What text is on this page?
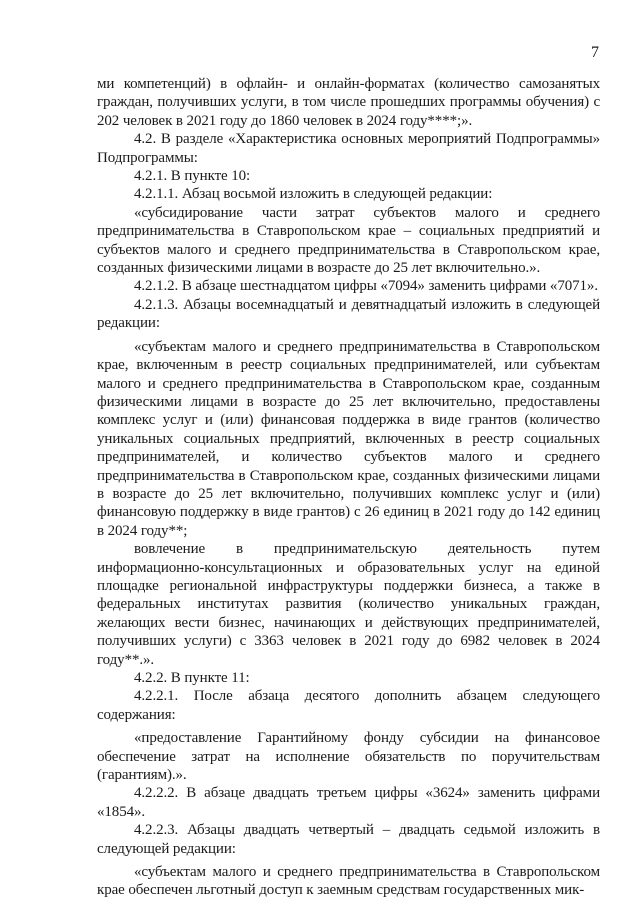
7

ми компетенций) в офлайн- и онлайн-форматах (количество самозанятых граждан, получивших услуги, в том числе прошедших программы обучения) с 202 человек в 2021 году до 1860 человек в 2024 году****;».

4.2. В разделе «Характеристика основных мероприятий Подпрограммы» Подпрограммы:

4.2.1. В пункте 10:

4.2.1.1. Абзац восьмой изложить в следующей редакции:

«субсидирование части затрат субъектов малого и среднего предпринимательства в Ставропольском крае – социальных предприятий и субъектов малого и среднего предпринимательства в Ставропольском крае, созданных физическими лицами в возрасте до 25 лет включительно.».

4.2.1.2. В абзаце шестнадцатом цифры «7094» заменить цифрами «7071».

4.2.1.3. Абзацы восемнадцатый и девятнадцатый изложить в следующей редакции:

«субъектам малого и среднего предпринимательства в Ставропольском крае, включенным в реестр социальных предпринимателей, или субъектам малого и среднего предпринимательства в Ставропольском крае, созданным физическими лицами в возрасте до 25 лет включительно, предоставлены комплекс услуг и (или) финансовая поддержка в виде грантов (количество уникальных социальных предприятий, включенных в реестр социальных предпринимателей, и количество субъектов малого и среднего предпринимательства в Ставропольском крае, созданных физическими лицами в возрасте до 25 лет включительно, получивших комплекс услуг и (или) финансовую поддержку в виде грантов) с 26 единиц в 2021 году до 142 единиц в 2024 году**;

вовлечение в предпринимательскую деятельность путем информационно-консультационных и образовательных услуг на единой площадке региональной инфраструктуры поддержки бизнеса, а также в федеральных институтах развития (количество уникальных граждан, желающих вести бизнес, начинающих и действующих предпринимателей, получивших услуги) с 3363 человек в 2021 году до 6982 человек в 2024 году**.».

4.2.2. В пункте 11:

4.2.2.1. После абзаца десятого дополнить абзацем следующего содержания:

«предоставление Гарантийному фонду субсидии на финансовое обеспечение затрат на исполнение обязательств по поручительствам (гарантиям).».

4.2.2.2. В абзаце двадцать третьем цифры «3624» заменить цифрами «1854».

4.2.2.3. Абзацы двадцать четвертый – двадцать седьмой изложить в следующей редакции:

«субъектам малого и среднего предпринимательства в Ставропольском крае обеспечен льготный доступ к заемным средствам государственных мик-
